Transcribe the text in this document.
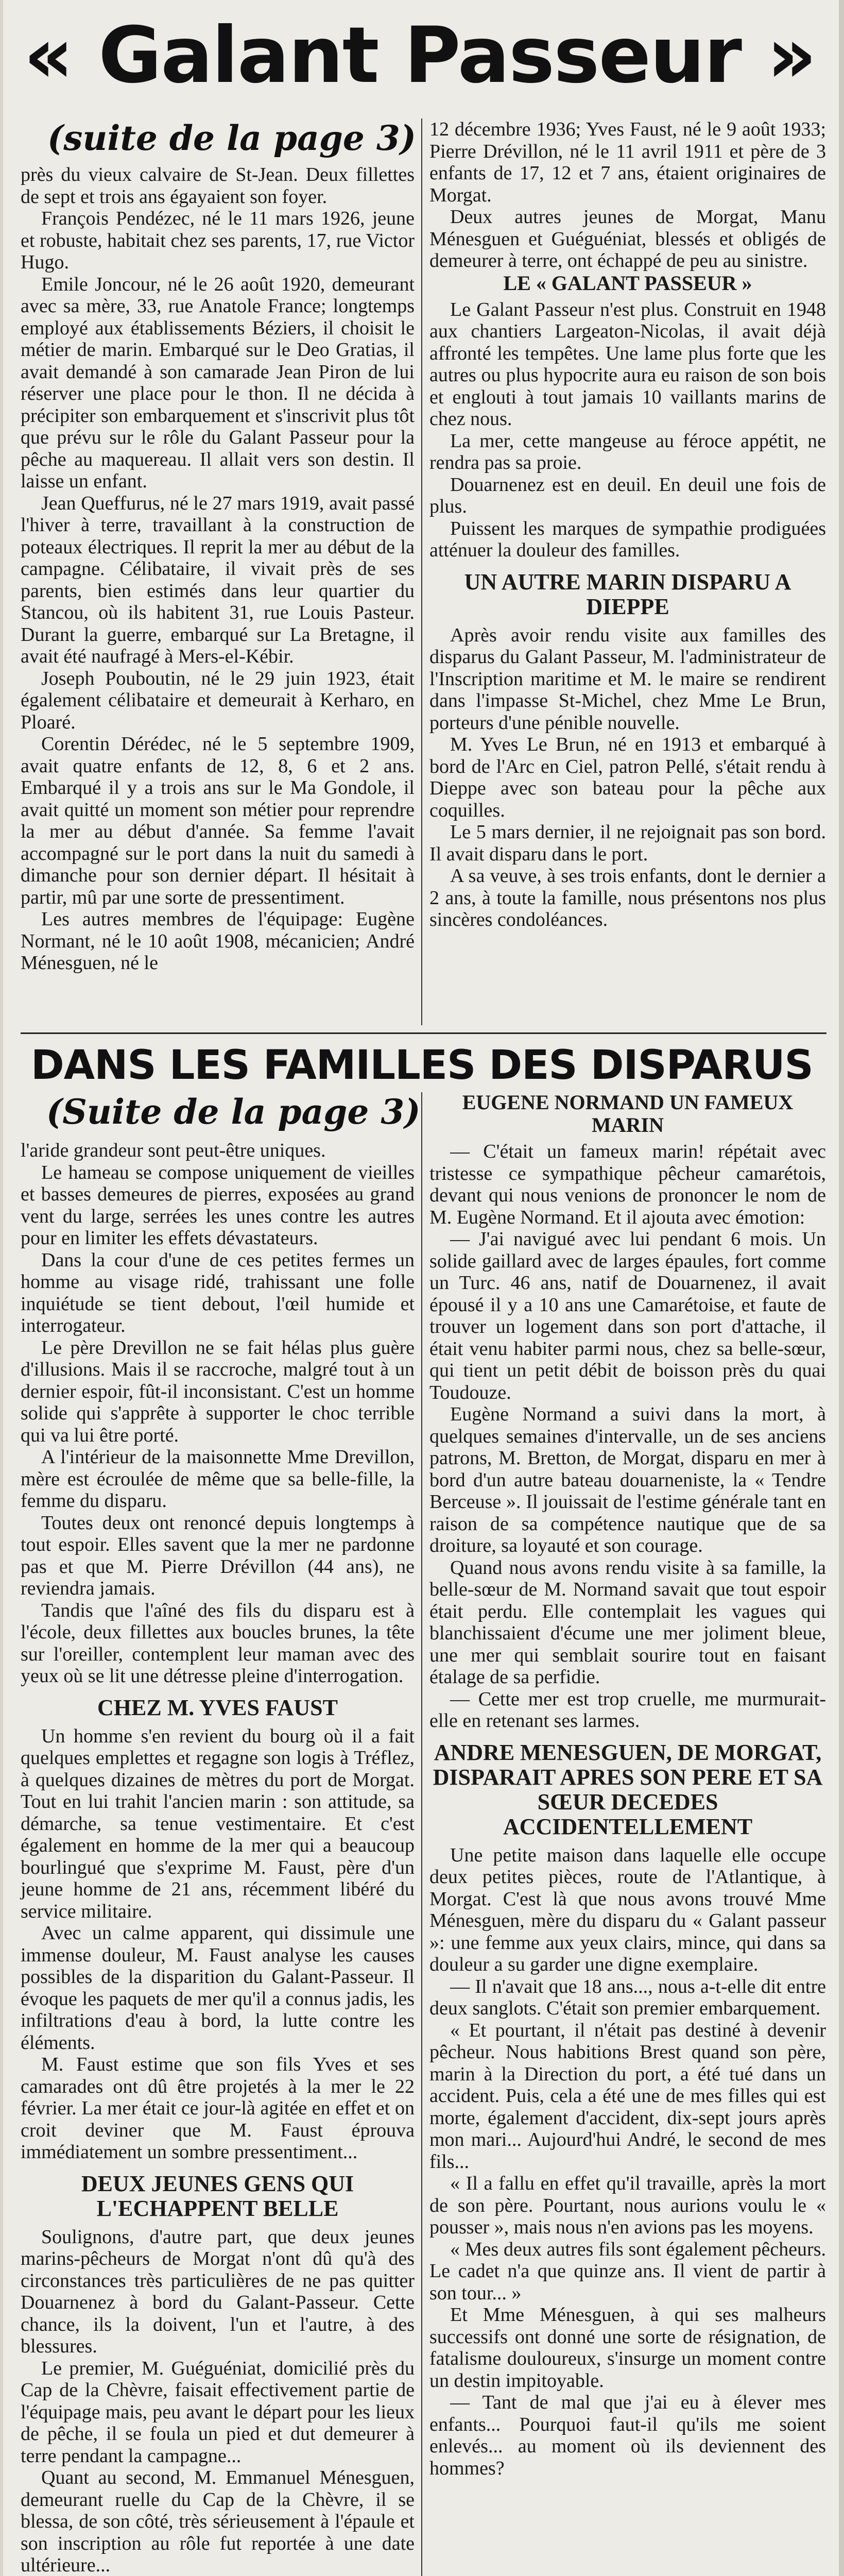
« Galant Passeur »
(suite de la page 3)

près du vieux calvaire de St-Jean. Deux fillettes de sept et trois ans égayaient son foyer.

François Pendézec, né le 11 mars 1926, jeune et robuste, habitait chez ses parents, 17, rue Victor Hugo.

Emile Joncour, né le 26 août 1920, demeurant avec sa mère, 33, rue Anatole France; longtemps employé aux établissements Béziers, il choisit le métier de marin. Embarqué sur le Deo Gratias, il avait demandé à son camarade Jean Piron de lui réserver une place pour le thon. Il ne décida à précipiter son embarquement et s'inscrivit plus tôt que prévu sur le rôle du Galant Passeur pour la pêche au maquereau. Il allait vers son destin. Il laisse un enfant.

Jean Queffurus, né le 27 mars 1919, avait passé l'hiver à terre, travaillant à la construction de poteaux électriques. Il reprit la mer au début de la campagne. Célibataire, il vivait près de ses parents, bien estimés dans leur quartier du Stancou, où ils habitent 31, rue Louis Pasteur. Durant la guerre, embarqué sur La Bretagne, il avait été naufragé à Mers-el-Kébir.

Joseph Pouboutin, né le 29 juin 1923, était également célibataire et demeurait à Kerharo, en Ploaré.

Corentin Dérédec, né le 5 septembre 1909, avait quatre enfants de 12, 8, 6 et 2 ans. Embarqué il y a trois ans sur le Ma Gondole, il avait quitté un moment son métier pour reprendre la mer au début d'année. Sa femme l'avait accompagné sur le port dans la nuit du samedi à dimanche pour son dernier départ. Il hésitait à partir, mû par une sorte de pressentiment.

Les autres membres de l'équipage: Eugène Normant, né le 10 août 1908, mécanicien; André Ménesguen, né le

12 décembre 1936; Yves Faust, né le 9 août 1933; Pierre Drévillon, né le 11 avril 1911 et père de 3 enfants de 17, 12 et 7 ans, étaient originaires de Morgat.

Deux autres jeunes de Morgat, Manu Ménesguen et Guéguéniat, blessés et obligés de demeurer à terre, ont échappé de peu au sinistre.

LE « GALANT PASSEUR »

Le Galant Passeur n'est plus. Construit en 1948 aux chantiers Largeaton-Nicolas, il avait déjà affronté les tempêtes. Une lame plus forte que les autres ou plus hypocrite aura eu raison de son bois et englouti à tout jamais 10 vaillants marins de chez nous.

La mer, cette mangeuse au féroce appétit, ne rendra pas sa proie.

Douarnenez est en deuil. En deuil une fois de plus.

Puissent les marques de sympathie prodiguées atténuer la douleur des familles.

UN AUTRE MARIN DISPARU A DIEPPE

Après avoir rendu visite aux familles des disparus du Galant Passeur, M. l'administrateur de l'Inscription maritime et M. le maire se rendirent dans l'impasse St-Michel, chez Mme Le Brun, porteurs d'une pénible nouvelle.

M. Yves Le Brun, né en 1913 et embarqué à bord de l'Arc en Ciel, patron Pellé, s'était rendu à Dieppe avec son bateau pour la pêche aux coquilles.

Le 5 mars dernier, il ne rejoignait pas son bord. Il avait disparu dans le port.

A sa veuve, à ses trois enfants, dont le dernier a 2 ans, à toute la famille, nous présentons nos plus sincères condoléances.

DANS LES FAMILLES DES DISPARUS
(Suite de la page 3)

l'aride grandeur sont peut-être uniques.

Le hameau se compose uniquement de vieilles et basses demeures de pierres, exposées au grand vent du large, serrées les unes contre les autres pour en limiter les effets dévastateurs.

Dans la cour d'une de ces petites fermes un homme au visage ridé, trahissant une folle inquiétude se tient debout, l'œil humide et interrogateur.

Le père Drevillon ne se fait hélas plus guère d'illusions. Mais il se raccroche, malgré tout à un dernier espoir, fût-il inconsistant. C'est un homme solide qui s'apprête à supporter le choc terrible qui va lui être porté.

A l'intérieur de la maisonnette Mme Drevillon, mère est écroulée de même que sa belle-fille, la femme du disparu.

Toutes deux ont renoncé depuis longtemps à tout espoir. Elles savent que la mer ne pardonne pas et que M. Pierre Drévillon (44 ans), ne reviendra jamais.

Tandis que l'aîné des fils du disparu est à l'école, deux fillettes aux boucles brunes, la tête sur l'oreiller, contemplent leur maman avec des yeux où se lit une détresse pleine d'interrogation.

CHEZ M. YVES FAUST

Un homme s'en revient du bourg où il a fait quelques emplettes et regagne son logis à Tréflez, à quelques dizaines de mètres du port de Morgat. Tout en lui trahit l'ancien marin : son attitude, sa démarche, sa tenue vestimentaire. Et c'est également en homme de la mer qui a beaucoup bourlingué que s'exprime M. Faust, père d'un jeune homme de 21 ans, récemment libéré du service militaire.

Avec un calme apparent, qui dissimule une immense douleur, M. Faust analyse les causes possibles de la disparition du Galant-Passeur. Il évoque les paquets de mer qu'il a connus jadis, les infiltrations d'eau à bord, la lutte contre les éléments.

M. Faust estime que son fils Yves et ses camarades ont dû être projetés à la mer le 22 février. La mer était ce jour-là agitée en effet et on croit deviner que M. Faust éprouva immédiatement un sombre pressentiment...

DEUX JEUNES GENS QUI L'ECHAPPENT BELLE

Soulignons, d'autre part, que deux jeunes marins-pêcheurs de Morgat n'ont dû qu'à des circonstances très particulières de ne pas quitter Douarnenez à bord du Galant-Passeur. Cette chance, ils la doivent, l'un et l'autre, à des blessures.

Le premier, M. Guéguéniat, domicilié près du Cap de la Chèvre, faisait effectivement partie de l'équipage mais, peu avant le départ pour les lieux de pêche, il se foula un pied et dut demeurer à terre pendant la campagne...

Quant au second, M. Emmanuel Ménesguen, demeurant ruelle du Cap de la Chèvre, il se blessa, de son côté, très sérieusement à l'épaule et son inscription au rôle fut reportée à une date ultérieure...

EUGENE NORMAND UN FAMEUX MARIN

— C'était un fameux marin! répétait avec tristesse ce sympathique pêcheur camarétois, devant qui nous venions de prononcer le nom de M. Eugène Normand. Et il ajouta avec émotion:

— J'ai navigué avec lui pendant 6 mois. Un solide gaillard avec de larges épaules, fort comme un Turc. 46 ans, natif de Douarnenez, il avait épousé il y a 10 ans une Camarétoise, et faute de trouver un logement dans son port d'attache, il était venu habiter parmi nous, chez sa belle-sœur, qui tient un petit débit de boisson près du quai Toudouze.

Eugène Normand a suivi dans la mort, à quelques semaines d'intervalle, un de ses anciens patrons, M. Bretton, de Morgat, disparu en mer à bord d'un autre bateau douarneniste, la « Tendre Berceuse ». Il jouissait de l'estime générale tant en raison de sa compétence nautique que de sa droiture, sa loyauté et son courage.

Quand nous avons rendu visite à sa famille, la belle-sœur de M. Normand savait que tout espoir était perdu. Elle contemplait les vagues qui blanchissaient d'écume une mer joliment bleue, une mer qui semblait sourire tout en faisant étalage de sa perfidie.

— Cette mer est trop cruelle, me murmurait-elle en retenant ses larmes.

ANDRE MENESGUEN, DE MORGAT, DISPARAIT APRES SON PERE ET SA SŒUR DECEDES ACCIDENTELLEMENT

Une petite maison dans laquelle elle occupe deux petites pièces, route de l'Atlantique, à Morgat. C'est là que nous avons trouvé Mme Ménesguen, mère du disparu du « Galant passeur »: une femme aux yeux clairs, mince, qui dans sa douleur a su garder une digne exemplaire.

— Il n'avait que 18 ans..., nous a-t-elle dit entre deux sanglots. C'était son premier embarquement.

« Et pourtant, il n'était pas destiné à devenir pêcheur. Nous habitions Brest quand son père, marin à la Direction du port, a été tué dans un accident. Puis, cela a été une de mes filles qui est morte, également d'accident, dix-sept jours après mon mari... Aujourd'hui André, le second de mes fils...

« Il a fallu en effet qu'il travaille, après la mort de son père. Pourtant, nous aurions voulu le « pousser », mais nous n'en avions pas les moyens.

« Mes deux autres fils sont également pêcheurs. Le cadet n'a que quinze ans. Il vient de partir à son tour... »

Et Mme Ménesguen, à qui ses malheurs successifs ont donné une sorte de résignation, de fatalisme douloureux, s'insurge un moment contre un destin impitoyable.

— Tant de mal que j'ai eu à élever mes enfants... Pourquoi faut-il qu'ils me soient enlevés... au moment où ils deviennent des hommes?
